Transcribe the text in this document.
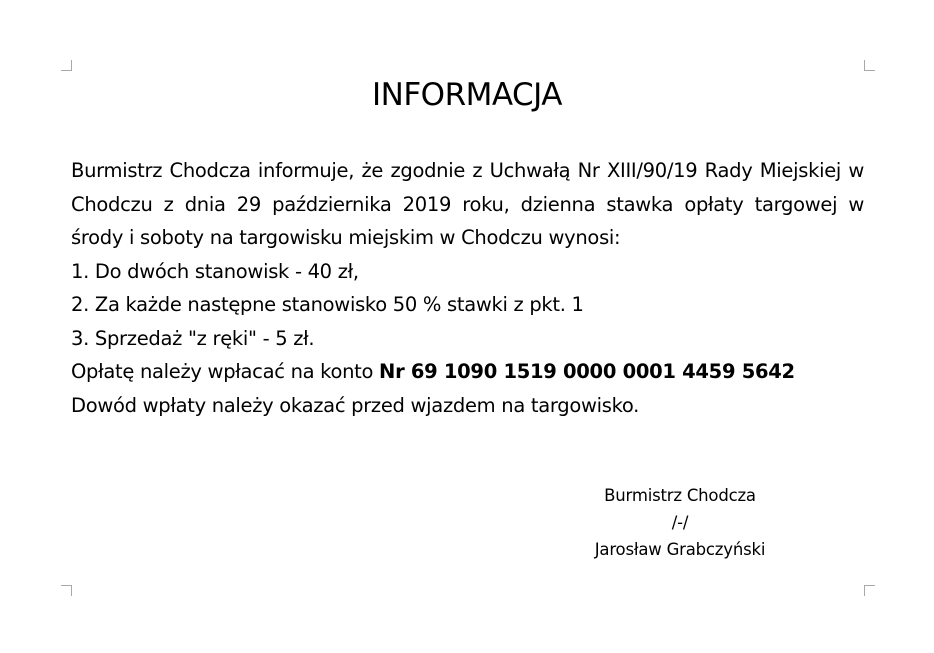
INFORMACJA
Burmistrz Chodcza informuje, że zgodnie z Uchwałą Nr XIII/90/19 Rady Miejskiej w Chodczu z dnia 29 października 2019 roku, dzienna stawka opłaty targowej w środy i soboty na targowisku miejskim w Chodczu wynosi:
1. Do dwóch stanowisk - 40 zł,
2. Za każde następne stanowisko 50 % stawki z pkt. 1
3. Sprzedaż "z ręki" - 5 zł.
Opłatę należy wpłacać na konto Nr 69 1090 1519 0000 0001 4459 5642
Dowód wpłaty należy okazać przed wjazdem na targowisko.
Burmistrz Chodcza
/-/
Jarosław Grabczyński
